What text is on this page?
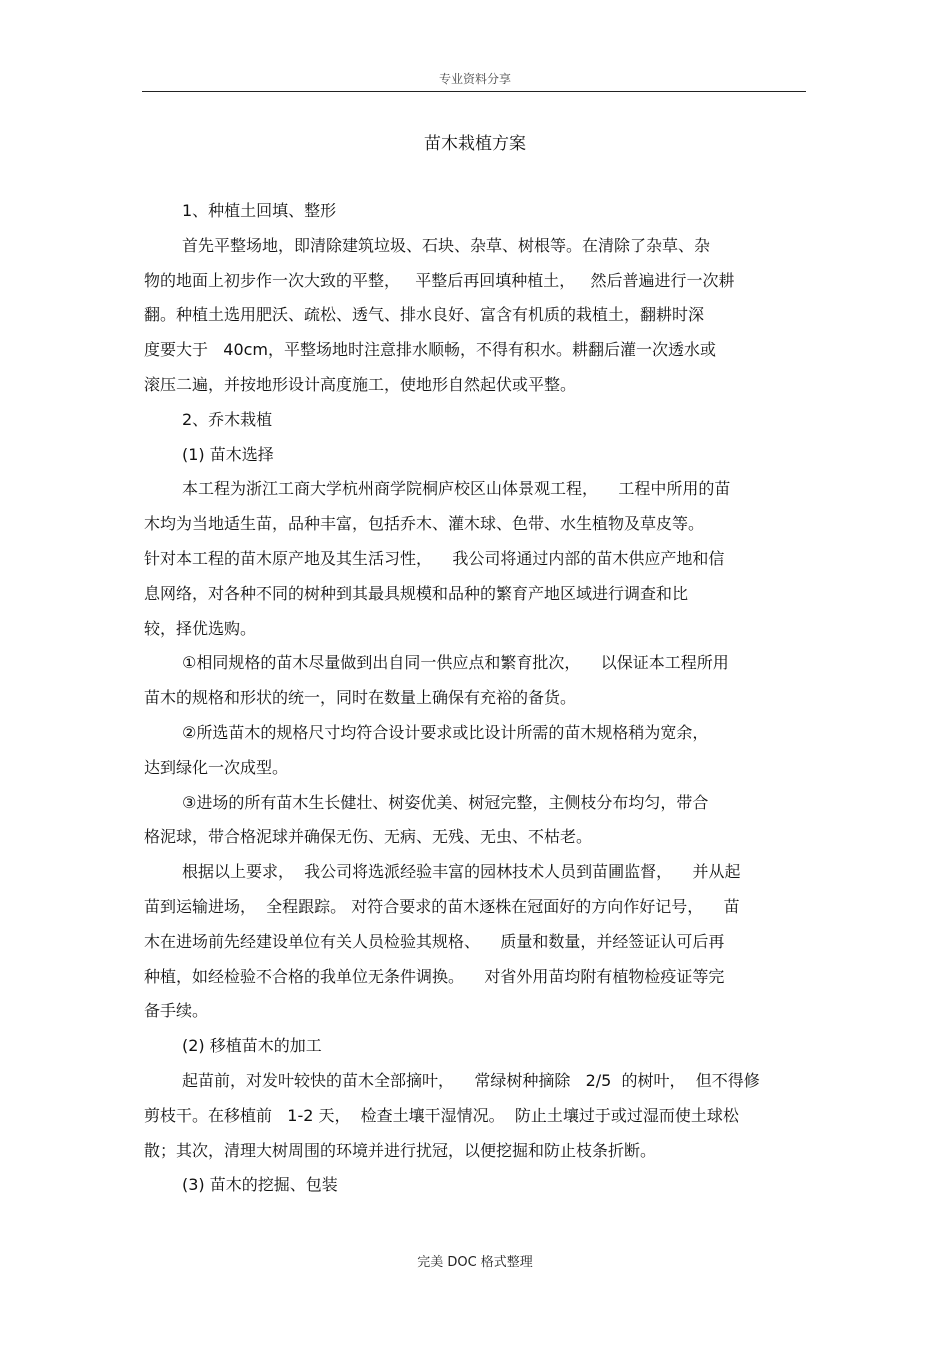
专业资料分享
苗木栽植方案
1、种植土回填、整形
首先平整场地，即清除建筑垃圾、石块、杂草、树根等。在清除了杂草、杂
物的地面上初步作一次大致的平整，   平整后再回填种植土，   然后普遍进行一次耕
翻。种植土选用肥沃、疏松、透气、排水良好、富含有机质的栽植土，翻耕时深
度要大于   40cm，平整场地时注意排水顺畅，不得有积水。耕翻后灌一次透水或
滚压二遍，并按地形设计高度施工，使地形自然起伏或平整。
2、乔木栽植
(1) 苗木选择
本工程为浙江工商大学杭州商学院桐庐校区山体景观工程，    工程中所用的苗
木均为当地适生苗，品种丰富，包括乔木、灌木球、色带、水生植物及草皮等。
针对本工程的苗木原产地及其生活习性，    我公司将通过内部的苗木供应产地和信
息网络，对各种不同的树种到其最具规模和品种的繁育产地区域进行调查和比
较，择优选购。
①相同规格的苗木尽量做到出自同一供应点和繁育批次，    以保证本工程所用
苗木的规格和形状的统一，同时在数量上确保有充裕的备货。
②所选苗木的规格尺寸均符合设计要求或比设计所需的苗木规格稍为宽余，
达到绿化一次成型。
③进场的所有苗木生长健壮、树姿优美、树冠完整，主侧枝分布均匀，带合
格泥球，带合格泥球并确保无伤、无病、无残、无虫、不枯老。
根据以上要求，  我公司将选派经验丰富的园林技术人员到苗圃监督，    并从起
苗到运输进场，  全程跟踪。 对符合要求的苗木逐株在冠面好的方向作好记号，    苗
木在进场前先经建设单位有关人员检验其规格、    质量和数量，并经签证认可后再
种植，如经检验不合格的我单位无条件调换。    对省外用苗均附有植物检疫证等完
备手续。
(2) 移植苗木的加工
起苗前，对发叶较快的苗木全部摘叶，    常绿树种摘除   2/5  的树叶，  但不得修
剪枝干。在移植前   1-2 天，  检查土壤干湿情况。  防止土壤过于或过湿而使土球松
散；其次，清理大树周围的环境并进行扰冠，以便挖掘和防止枝条折断。
(3) 苗木的挖掘、包装
完美 DOC 格式整理
